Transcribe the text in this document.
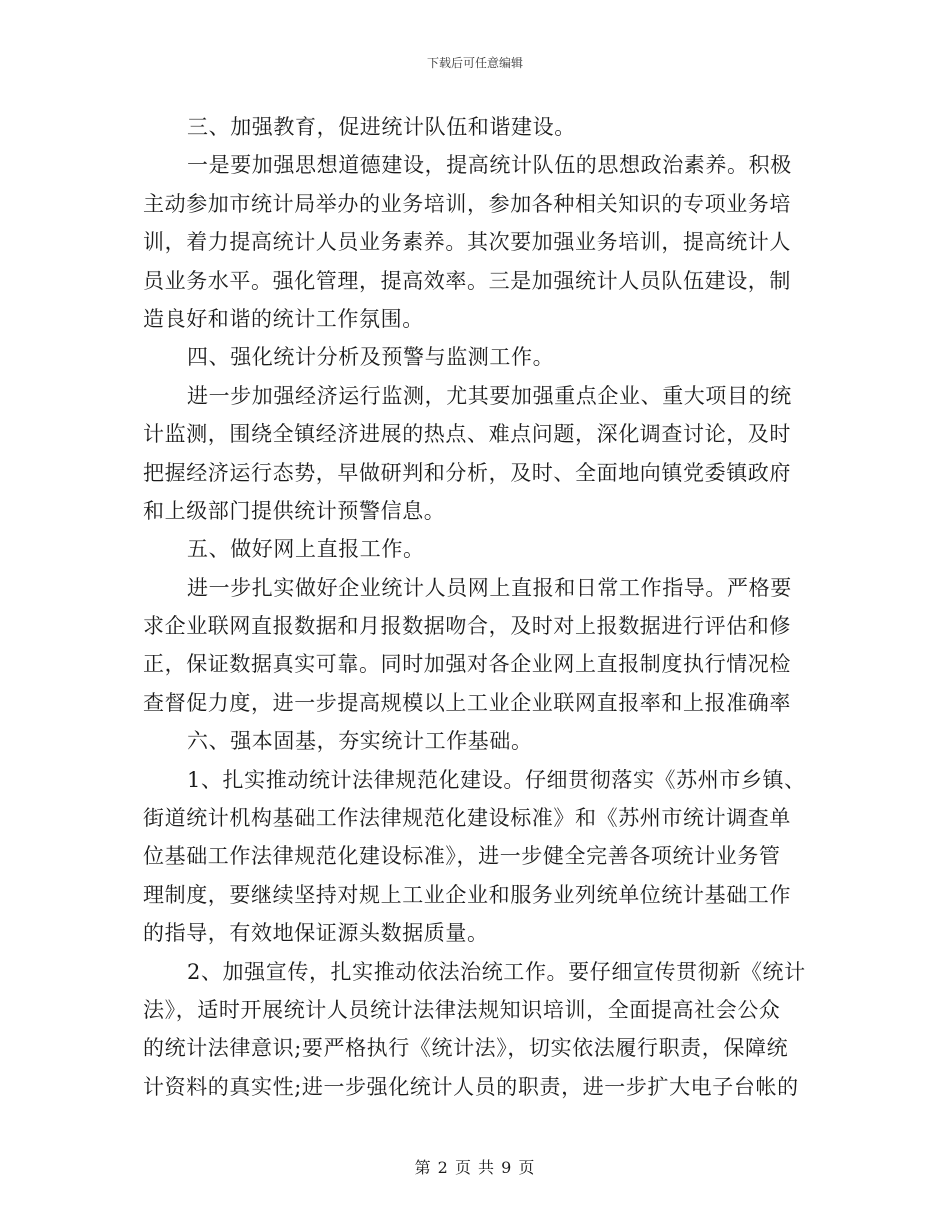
下载后可任意编辑
三、加强教育，促进统计队伍和谐建设。
一是要加强思想道德建设，提高统计队伍的思想政治素养。积极
主动参加市统计局举办的业务培训，参加各种相关知识的专项业务培
训，着力提高统计人员业务素养。其次要加强业务培训，提高统计人
员业务水平。强化管理，提高效率。三是加强统计人员队伍建设，制
造良好和谐的统计工作氛围。
四、强化统计分析及预警与监测工作。
进一步加强经济运行监测，尤其要加强重点企业、重大项目的统
计监测，围绕全镇经济进展的热点、难点问题，深化调查讨论，及时
把握经济运行态势，早做研判和分析，及时、全面地向镇党委镇政府
和上级部门提供统计预警信息。
五、做好网上直报工作。
进一步扎实做好企业统计人员网上直报和日常工作指导。严格要
求企业联网直报数据和月报数据吻合，及时对上报数据进行评估和修
正，保证数据真实可靠。同时加强对各企业网上直报制度执行情况检
查督促力度，进一步提高规模以上工业企业联网直报率和上报准确率
六、强本固基，夯实统计工作基础。
1、扎实推动统计法律规范化建设。仔细贯彻落实《苏州市乡镇、
街道统计机构基础工作法律规范化建设标准》和《苏州市统计调查单
位基础工作法律规范化建设标准》，进一步健全完善各项统计业务管
理制度，要继续坚持对规上工业企业和服务业列统单位统计基础工作
的指导，有效地保证源头数据质量。
2、加强宣传，扎实推动依法治统工作。要仔细宣传贯彻新《统计
法》，适时开展统计人员统计法律法规知识培训，全面提高社会公众
的统计法律意识;要严格执行《统计法》，切实依法履行职责，保障统
计资料的真实性;进一步强化统计人员的职责，进一步扩大电子台帐的
第 2 页 共 9 页
